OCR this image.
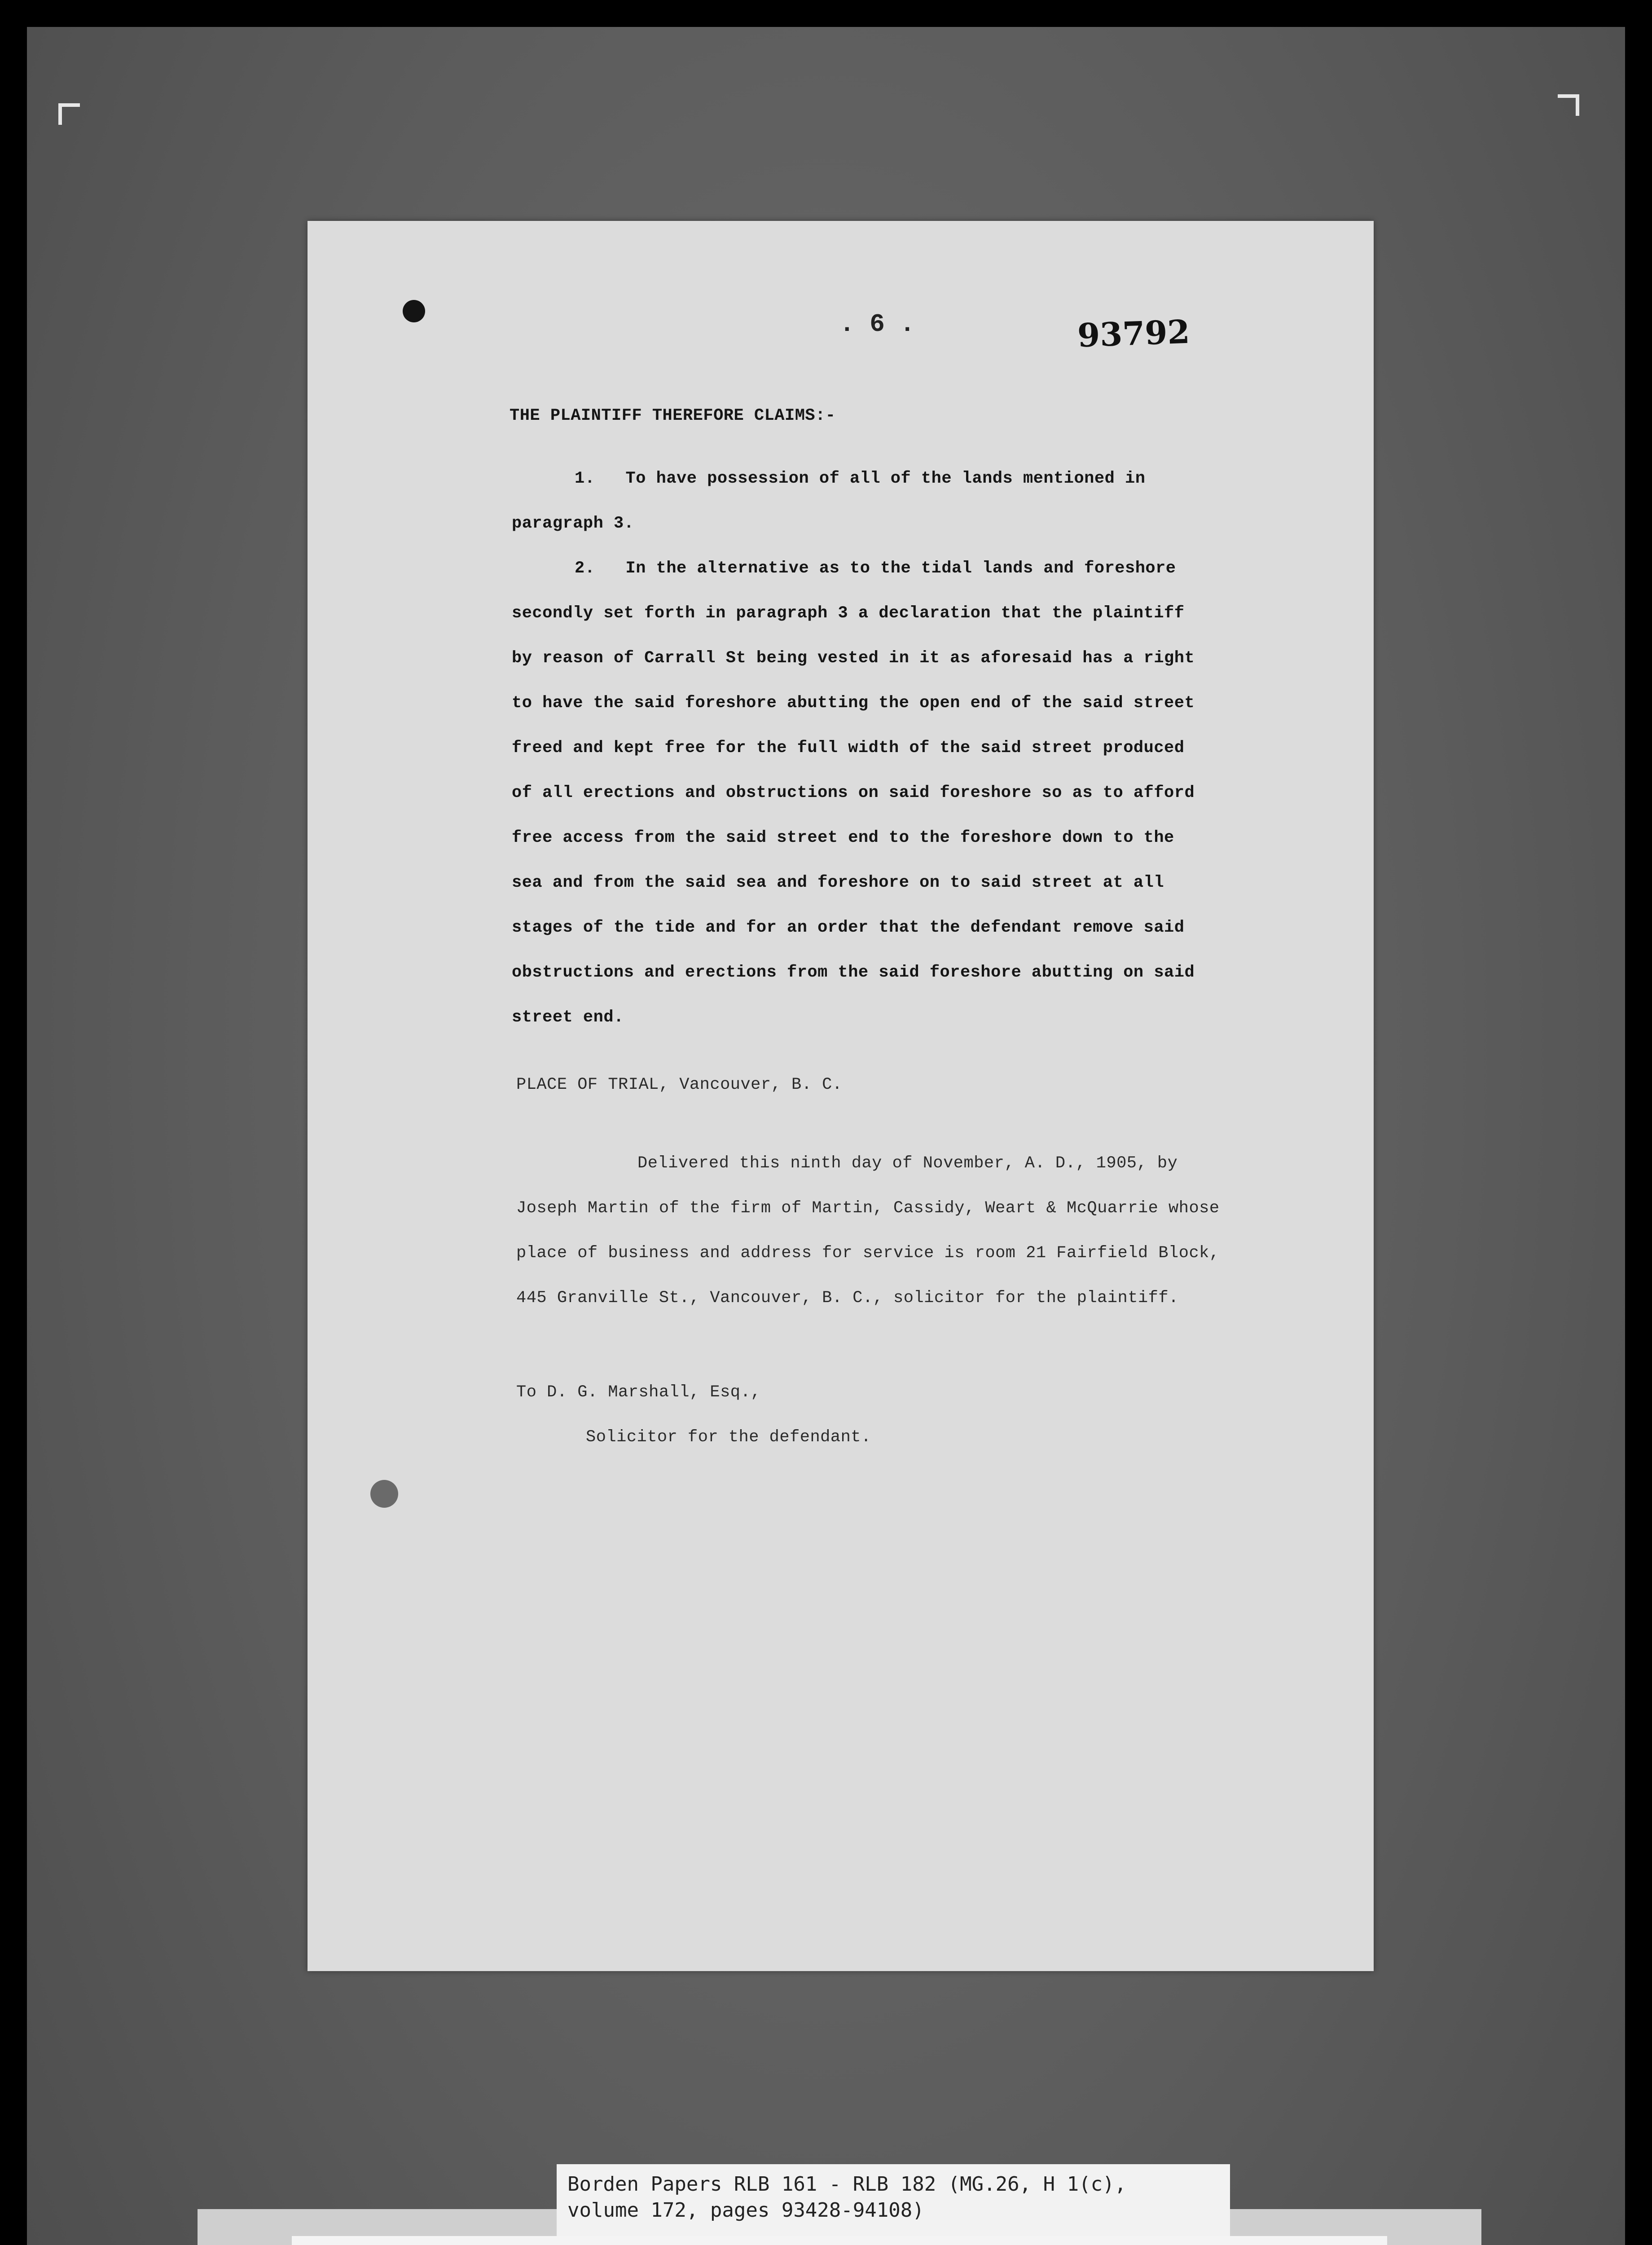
. 6 .	93792
THE PLAINTIFF THEREFORE CLAIMS:-
1.   To have possession of all of the lands mentioned in
paragraph 3.
2.   In the alternative as to the tidal lands and foreshore
secondly set forth in paragraph 3 a declaration that the plaintiff
by reason of Carrall St being vested in it as aforesaid has a right
to have the said foreshore abutting the open end of the said street
freed and kept free for the full width of the said street produced
of all erections and obstructions on said foreshore so as to afford
free access from the said street end to the foreshore down to the
sea and from the said sea and foreshore on to said street at all
stages of the tide and for an order that the defendant remove said
obstructions and erections from the said foreshore abutting on said
street end.
PLACE OF TRIAL, Vancouver, B. C.
Delivered this ninth day of November, A. D., 1905, by
Joseph Martin of the firm of Martin, Cassidy, Weart & McQuarrie whose
place of business and address for service is room 21 Fairfield Block,
445 Granville St., Vancouver, B. C., solicitor for the plaintiff.
To D. G. Marshall, Esq.,
Solicitor for the defendant.
Borden Papers RLB 161 - RLB 182 (MG.26, H 1(c),
volume 172, pages 93428-94108)
